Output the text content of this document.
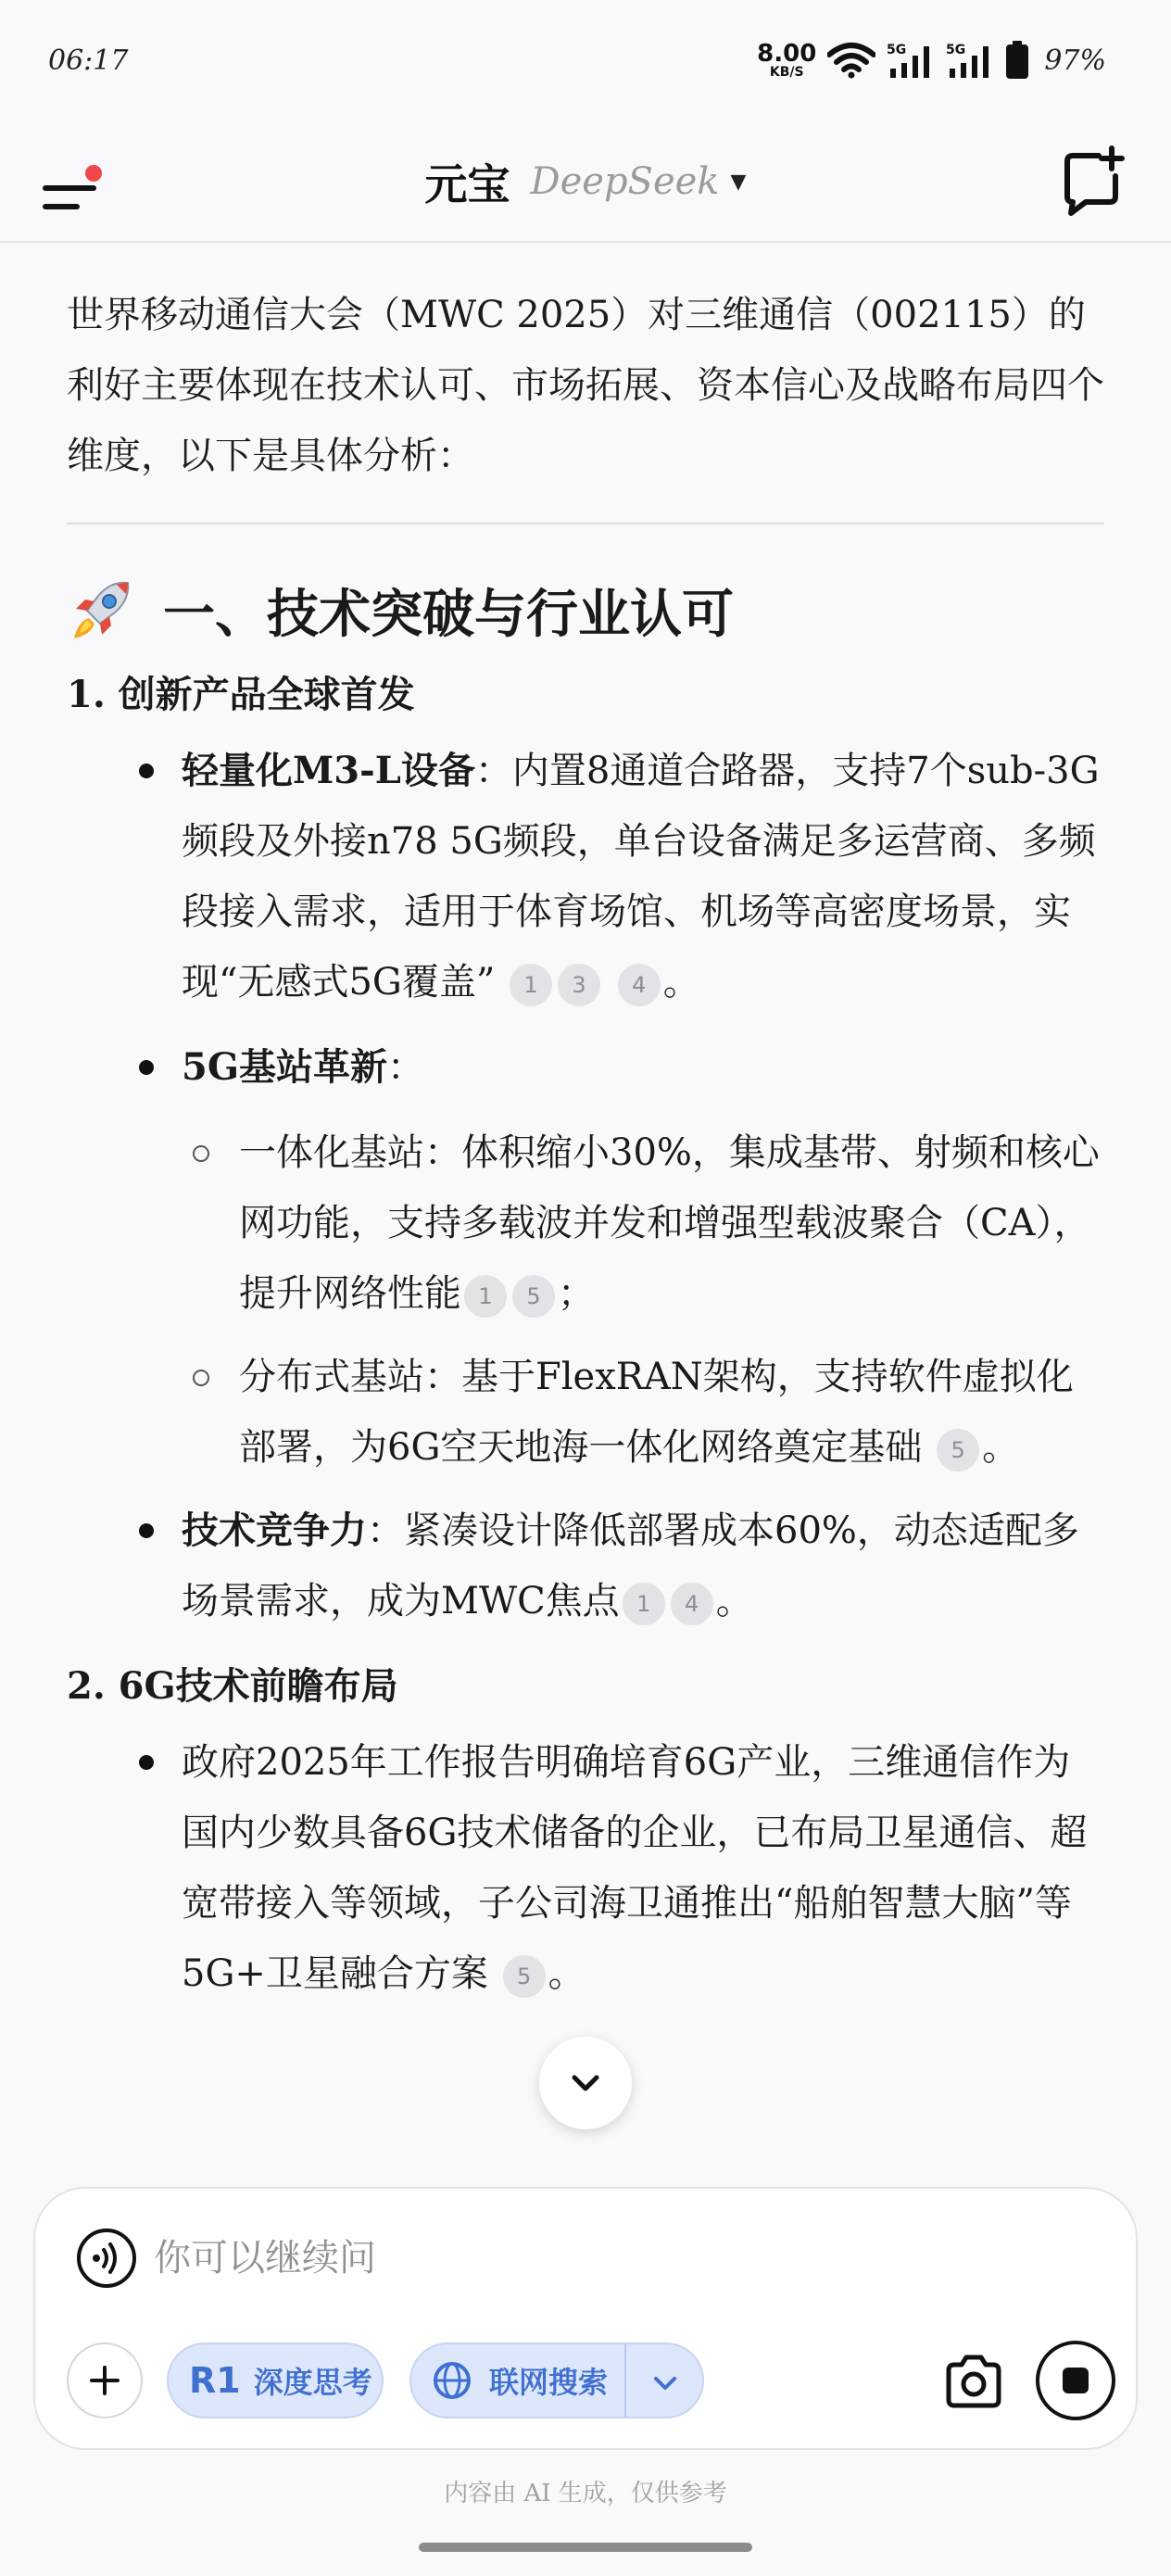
06:17	8.00
KB/S
5G	5G	97%
元宝 DeepSeek ▼

世界移动通信大会（MWC 2025）对三维通信（002115）的利好主要体现在技术认可、市场拓展、资本信心及战略布局四个维度，以下是具体分析：

一、技术突破与行业认可
1. 创新产品全球首发
轻量化M3-L设备：内置8通道合路器，支持7个sub-3G频段及外接n78 5G频段，单台设备满足多运营商、多频段接入需求，适用于体育场馆、机场等高密度场景，实现“无感式5G覆盖” 1 3 4 。
5G基站革新：
一体化基站：体积缩小30%，集成基带、射频和核心网功能，支持多载波并发和增强型载波聚合（CA），提升网络性能 1 5 ；
分布式基站：基于FlexRAN架构，支持软件虚拟化部署，为6G空天地海一体化网络奠定基础 5 。
技术竞争力：紧凑设计降低部署成本60%，动态适配多场景需求，成为MWC焦点 1 4 。
2. 6G技术前瞻布局
政府2025年工作报告明确培育6G产业，三维通信作为国内少数具备6G技术储备的企业，已布局卫星通信、超宽带接入等领域，子公司海卫通推出“船舶智慧大脑”等5G+卫星融合方案 5 。
你可以继续问
R1 深度思考	联网搜索
内容由 AI 生成，仅供参考
